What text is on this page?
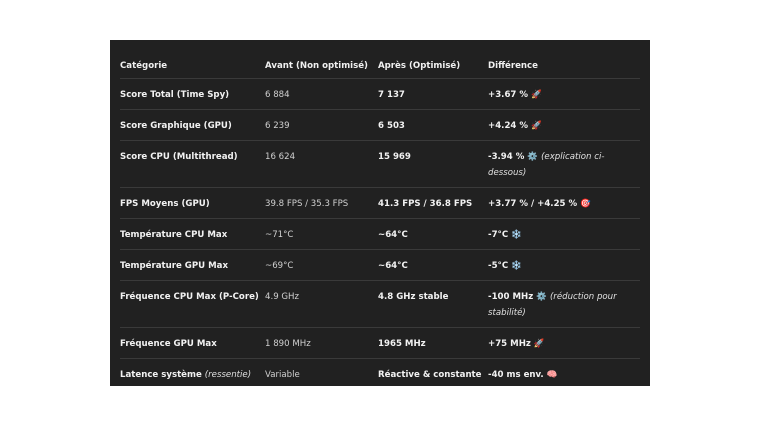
Catégorie	Avant (Non optimisé)	Après (Optimisé)	Différence
Score Total (Time Spy)	6 884	7 137	+3.67 % 🚀
Score Graphique (GPU)	6 239	6 503	+4.24 % 🚀
Score CPU (Multithread)	16 624	15 969	-3.94 % ⚙️ (explication ci-dessous)
FPS Moyens (GPU)	39.8 FPS / 35.3 FPS	41.3 FPS / 36.8 FPS	+3.77 % / +4.25 % 🎯
Température CPU Max	~71°C	~64°C	-7°C ❄️
Température GPU Max	~69°C	~64°C	-5°C ❄️
Fréquence CPU Max (P-Core)	4.9 GHz	4.8 GHz stable	-100 MHz ⚙️ (réduction pour stabilité)
Fréquence GPU Max	1 890 MHz	1965 MHz	+75 MHz 🚀
Latence système (ressentie)	Variable	Réactive & constante	-40 ms env. 🧠
